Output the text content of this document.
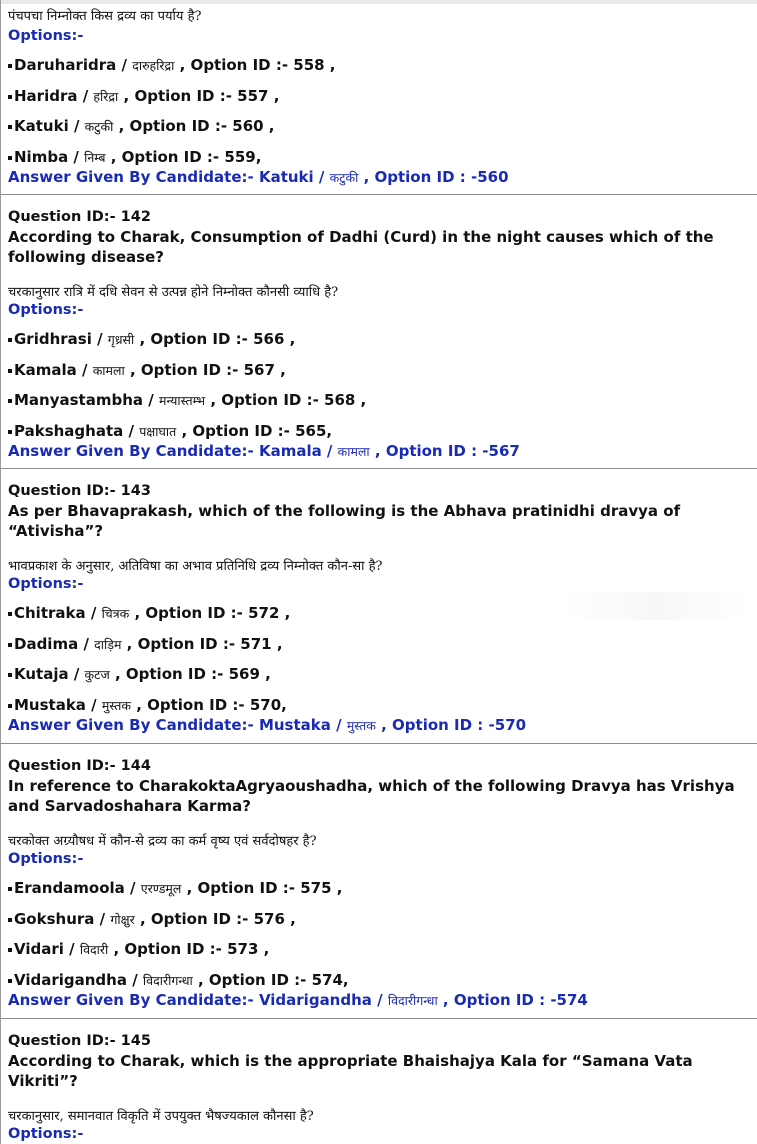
पंचपचा निम्नोक्त किस द्रव्य का पर्याय है?
Options:-
Daruharidra / दारुहरिद्रा , Option ID :- 558 ,
Haridra / हरिद्रा , Option ID :- 557 ,
Katuki / कटुकी , Option ID :- 560 ,
Nimba / निम्ब , Option ID :- 559,
Answer Given By Candidate:- Katuki / कटुकी , Option ID : -560
Question ID:- 142
According to Charak, Consumption of Dadhi (Curd) in the night causes which of the following disease?
चरकानुसार रात्रि में दधि सेवन से उत्पन्न होने निम्नोक्त कौनसी व्याधि है?
Options:-
Gridhrasi / गृध्रसी , Option ID :- 566 ,
Kamala / कामला , Option ID :- 567 ,
Manyastambha / मन्यास्तम्भ , Option ID :- 568 ,
Pakshaghata / पक्षाघात , Option ID :- 565,
Answer Given By Candidate:- Kamala / कामला , Option ID : -567
Question ID:- 143
As per Bhavaprakash, which of the following is the Abhava pratinidhi dravya of “Ativisha”?
भावप्रकाश के अनुसार, अतिविषा का अभाव प्रतिनिधि द्रव्य निम्नोक्त कौन-सा है?
Options:-
Chitraka / चित्रक , Option ID :- 572 ,
Dadima / दाड़िम , Option ID :- 571 ,
Kutaja / कुटज , Option ID :- 569 ,
Mustaka / मुस्तक , Option ID :- 570,
Answer Given By Candidate:- Mustaka / मुस्तक , Option ID : -570
Question ID:- 144
In reference to CharakoktaAgryaoushadha, which of the following Dravya has Vrishya and Sarvadoshahara Karma?
चरकोक्त अग्र्यौषध में कौन-से द्रव्य का कर्म वृष्य एवं सर्वदोषहर है?
Options:-
Erandamoola / एरण्डमूल , Option ID :- 575 ,
Gokshura / गोक्षुर , Option ID :- 576 ,
Vidari / विदारी , Option ID :- 573 ,
Vidarigandha / विदारीगन्धा , Option ID :- 574,
Answer Given By Candidate:- Vidarigandha / विदारीगन्धा , Option ID : -574
Question ID:- 145
According to Charak, which is the appropriate Bhaishajya Kala for “Samana Vata Vikriti”?
चरकानुसार, समानवात विकृति में उपयुक्त भैषज्यकाल कौनसा है?
Options:-
